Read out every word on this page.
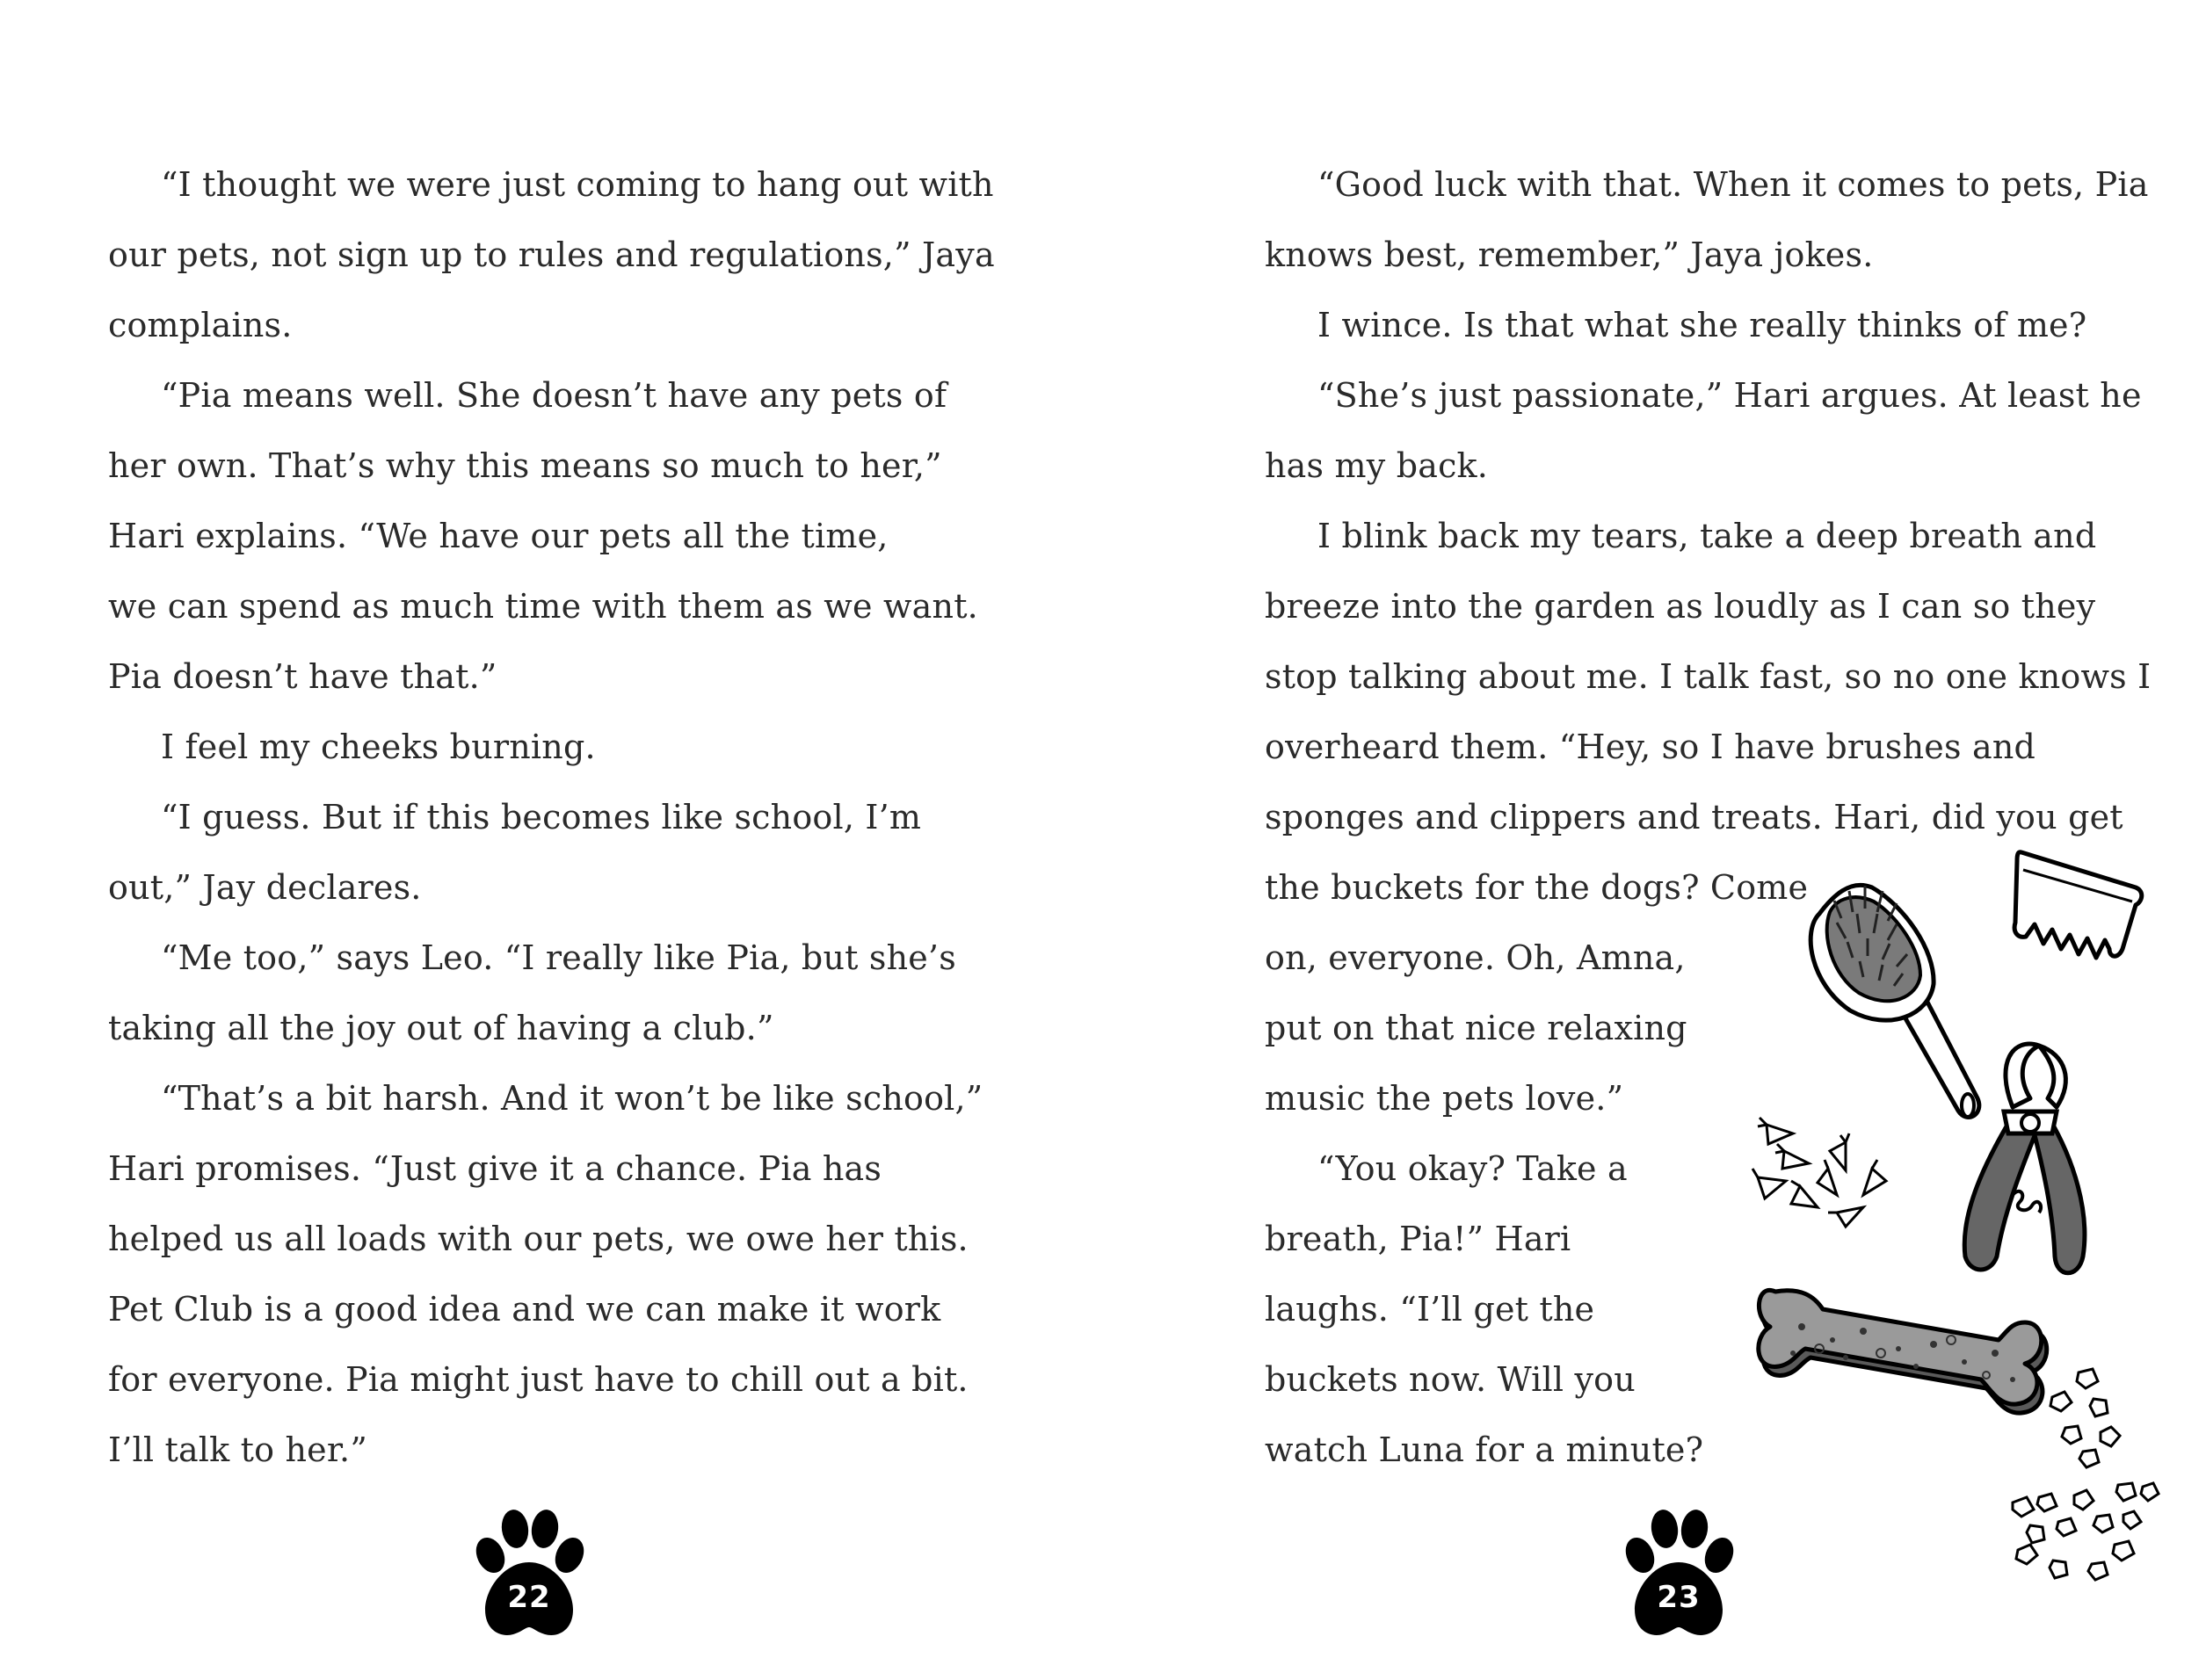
“I thought we were just coming to hang out with
our pets, not sign up to rules and regulations,” Jaya
complains.
“Pia means well. She doesn’t have any pets of
her own. That’s why this means so much to her,”
Hari explains. “We have our pets all the time,
we can spend as much time with them as we want.
Pia doesn’t have that.”
I feel my cheeks burning.
“I guess. But if this becomes like school, I’m
out,” Jay declares.
“Me too,” says Leo. “I really like Pia, but she’s
taking all the joy out of having a club.”
“That’s a bit harsh. And it won’t be like school,”
Hari promises. “Just give it a chance. Pia has
helped us all loads with our pets, we owe her this.
Pet Club is a good idea and we can make it work
for everyone. Pia might just have to chill out a bit.
I’ll talk to her.”
22
“Good luck with that. When it comes to pets, Pia
knows best, remember,” Jaya jokes.
I wince. Is that what she really thinks of me?
“She’s just passionate,” Hari argues. At least he
has my back.
I blink back my tears, take a deep breath and
breeze into the garden as loudly as I can so they
stop talking about me. I talk fast, so no one knows I
overheard them. “Hey, so I have brushes and
sponges and clippers and treats. Hari, did you get
the buckets for the dogs? Come
on, everyone. Oh, Amna,
put on that nice relaxing
music the pets love.”
“You okay? Take a
breath, Pia!” Hari
laughs. “I’ll get the
buckets now. Will you
watch Luna for a minute?
23
